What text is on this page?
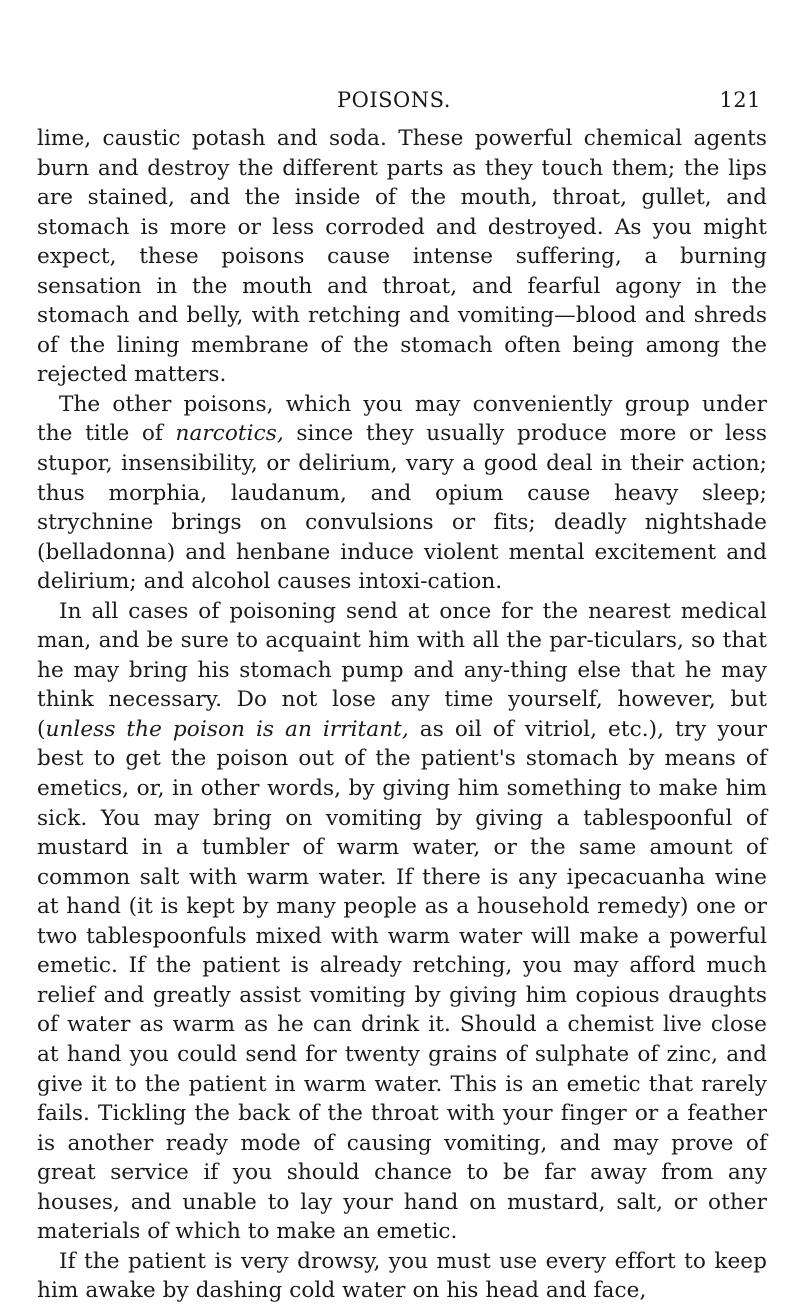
POISONS.	121

lime, caustic potash and soda. These powerful chemical agents burn and destroy the different parts as they touch them; the lips are stained, and the inside of the mouth, throat, gullet, and stomach is more or less corroded and destroyed. As you might expect, these poisons cause intense suffering, a burning sensation in the mouth and throat, and fearful agony in the stomach and belly, with retching and vomiting—blood and shreds of the lining membrane of the stomach often being among the rejected matters.

The other poisons, which you may conveniently group under the title of narcotics, since they usually produce more or less stupor, insensibility, or delirium, vary a good deal in their action; thus morphia, laudanum, and opium cause heavy sleep; strychnine brings on convulsions or fits; deadly nightshade (belladonna) and henbane induce violent mental excitement and delirium; and alcohol causes intoxi-cation.

In all cases of poisoning send at once for the nearest medical man, and be sure to acquaint him with all the par-ticulars, so that he may bring his stomach pump and any-thing else that he may think necessary. Do not lose any time yourself, however, but (unless the poison is an irritant, as oil of vitriol, etc.), try your best to get the poison out of the patient's stomach by means of emetics, or, in other words, by giving him something to make him sick. You may bring on vomiting by giving a tablespoonful of mustard in a tumbler of warm water, or the same amount of common salt with warm water. If there is any ipecacuanha wine at hand (it is kept by many people as a household remedy) one or two tablespoonfuls mixed with warm water will make a powerful emetic. If the patient is already retching, you may afford much relief and greatly assist vomiting by giving him copious draughts of water as warm as he can drink it. Should a chemist live close at hand you could send for twenty grains of sulphate of zinc, and give it to the patient in warm water. This is an emetic that rarely fails. Tickling the back of the throat with your finger or a feather is another ready mode of causing vomiting, and may prove of great service if you should chance to be far away from any houses, and unable to lay your hand on mustard, salt, or other materials of which to make an emetic.

If the patient is very drowsy, you must use every effort to keep him awake by dashing cold water on his head and face,
